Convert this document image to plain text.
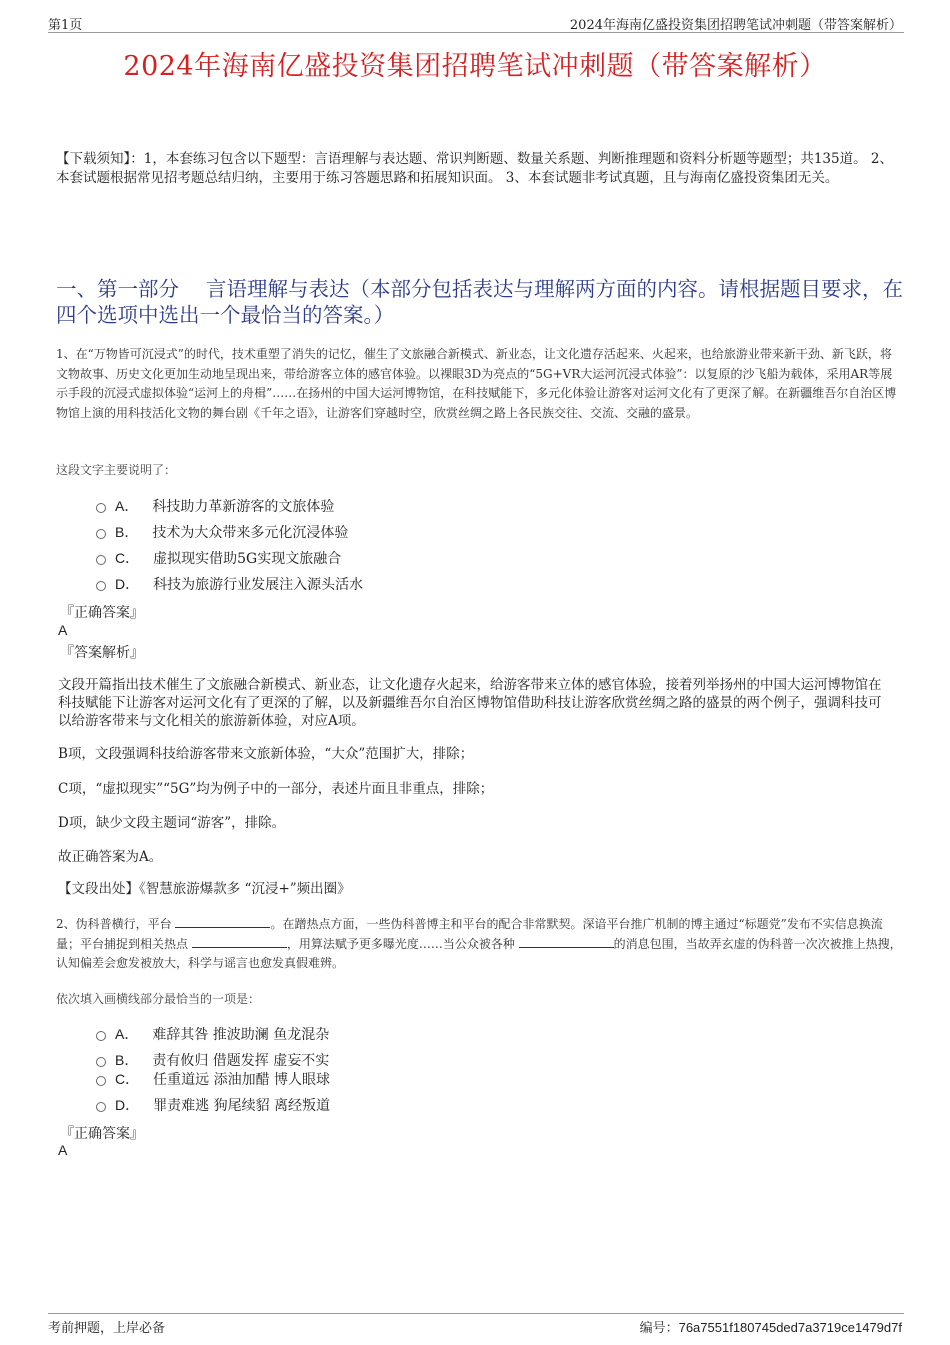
第1页	2024年海南亿盛投资集团招聘笔试冲刺题（带答案解析）
2024年海南亿盛投资集团招聘笔试冲刺题（带答案解析）
【下载须知】：1，本套练习包含以下题型：言语理解与表达题、常识判断题、数量关系题、判断推理题和资料分析题等题型；共135道。 2、本套试题根据常见招考题总结归纳，主要用于练习答题思路和拓展知识面。 3、本套试题非考试真题，且与海南亿盛投资集团无关。
一、第一部分　 言语理解与表达（本部分包括表达与理解两方面的内容。请根据题目要求，在四个选项中选出一个最恰当的答案。）
1、在“万物皆可沉浸式”的时代，技术重塑了消失的记忆，催生了文旅融合新模式、新业态，让文化遗存活起来、火起来，也给旅游业带来新干劲、新飞跃，将文物故事、历史文化更加生动地呈现出来，带给游客立体的感官体验。以裸眼3D为亮点的“5G+VR大运河沉浸式体验”：以复原的沙飞船为载体，采用AR等展示手段的沉浸式虚拟体验“运河上的舟楫”……在扬州的中国大运河博物馆，在科技赋能下，多元化体验让游客对运河文化有了更深了解。在新疆维吾尔自治区博物馆上演的用科技活化文物的舞台剧《千年之语》，让游客们穿越时空，欣赏丝绸之路上各民族交往、交流、交融的盛景。
这段文字主要说明了：
A． 科技助力革新游客的文旅体验
B． 技术为大众带来多元化沉浸体验
C． 虚拟现实借助5G实现文旅融合
D． 科技为旅游行业发展注入源头活水
『正确答案』
A
『答案解析』
文段开篇指出技术催生了文旅融合新模式、新业态，让文化遗存火起来，给游客带来立体的感官体验，接着列举扬州的中国大运河博物馆在科技赋能下让游客对运河文化有了更深的了解，以及新疆维吾尔自治区博物馆借助科技让游客欣赏丝绸之路的盛景的两个例子，强调科技可以给游客带来与文化相关的旅游新体验，对应A项。
B项，文段强调科技给游客带来文旅新体验，“大众”范围扩大，排除；
C项，“虚拟现实”“5G”均为例子中的一部分，表述片面且非重点，排除；
D项，缺少文段主题词“游客”，排除。
故正确答案为A。
【文段出处】《智慧旅游爆款多 “沉浸+”频出圈》
2、伪科普横行，平台	。在蹭热点方面，一些伪科普博主和平台的配合非常默契。深谙平台推广机制的博主通过“标题党”发布不实信息换流量；平台捕捉到相关热点	，用算法赋予更多曝光度……当公众被各种	的消息包围，当故弄玄虚的伪科普一次次被推上热搜，认知偏差会愈发被放大，科学与谣言也愈发真假难辨。
依次填入画横线部分最恰当的一项是：
A． 难辞其咎 推波助澜 鱼龙混杂
B． 责有攸归 借题发挥 虚妄不实
C． 任重道远 添油加醋 博人眼球
D． 罪责难逃 狗尾续貂 离经叛道
『正确答案』
A
考前押题，上岸必备	编号：76a7551f180745ded7a3719ce1479d7f
